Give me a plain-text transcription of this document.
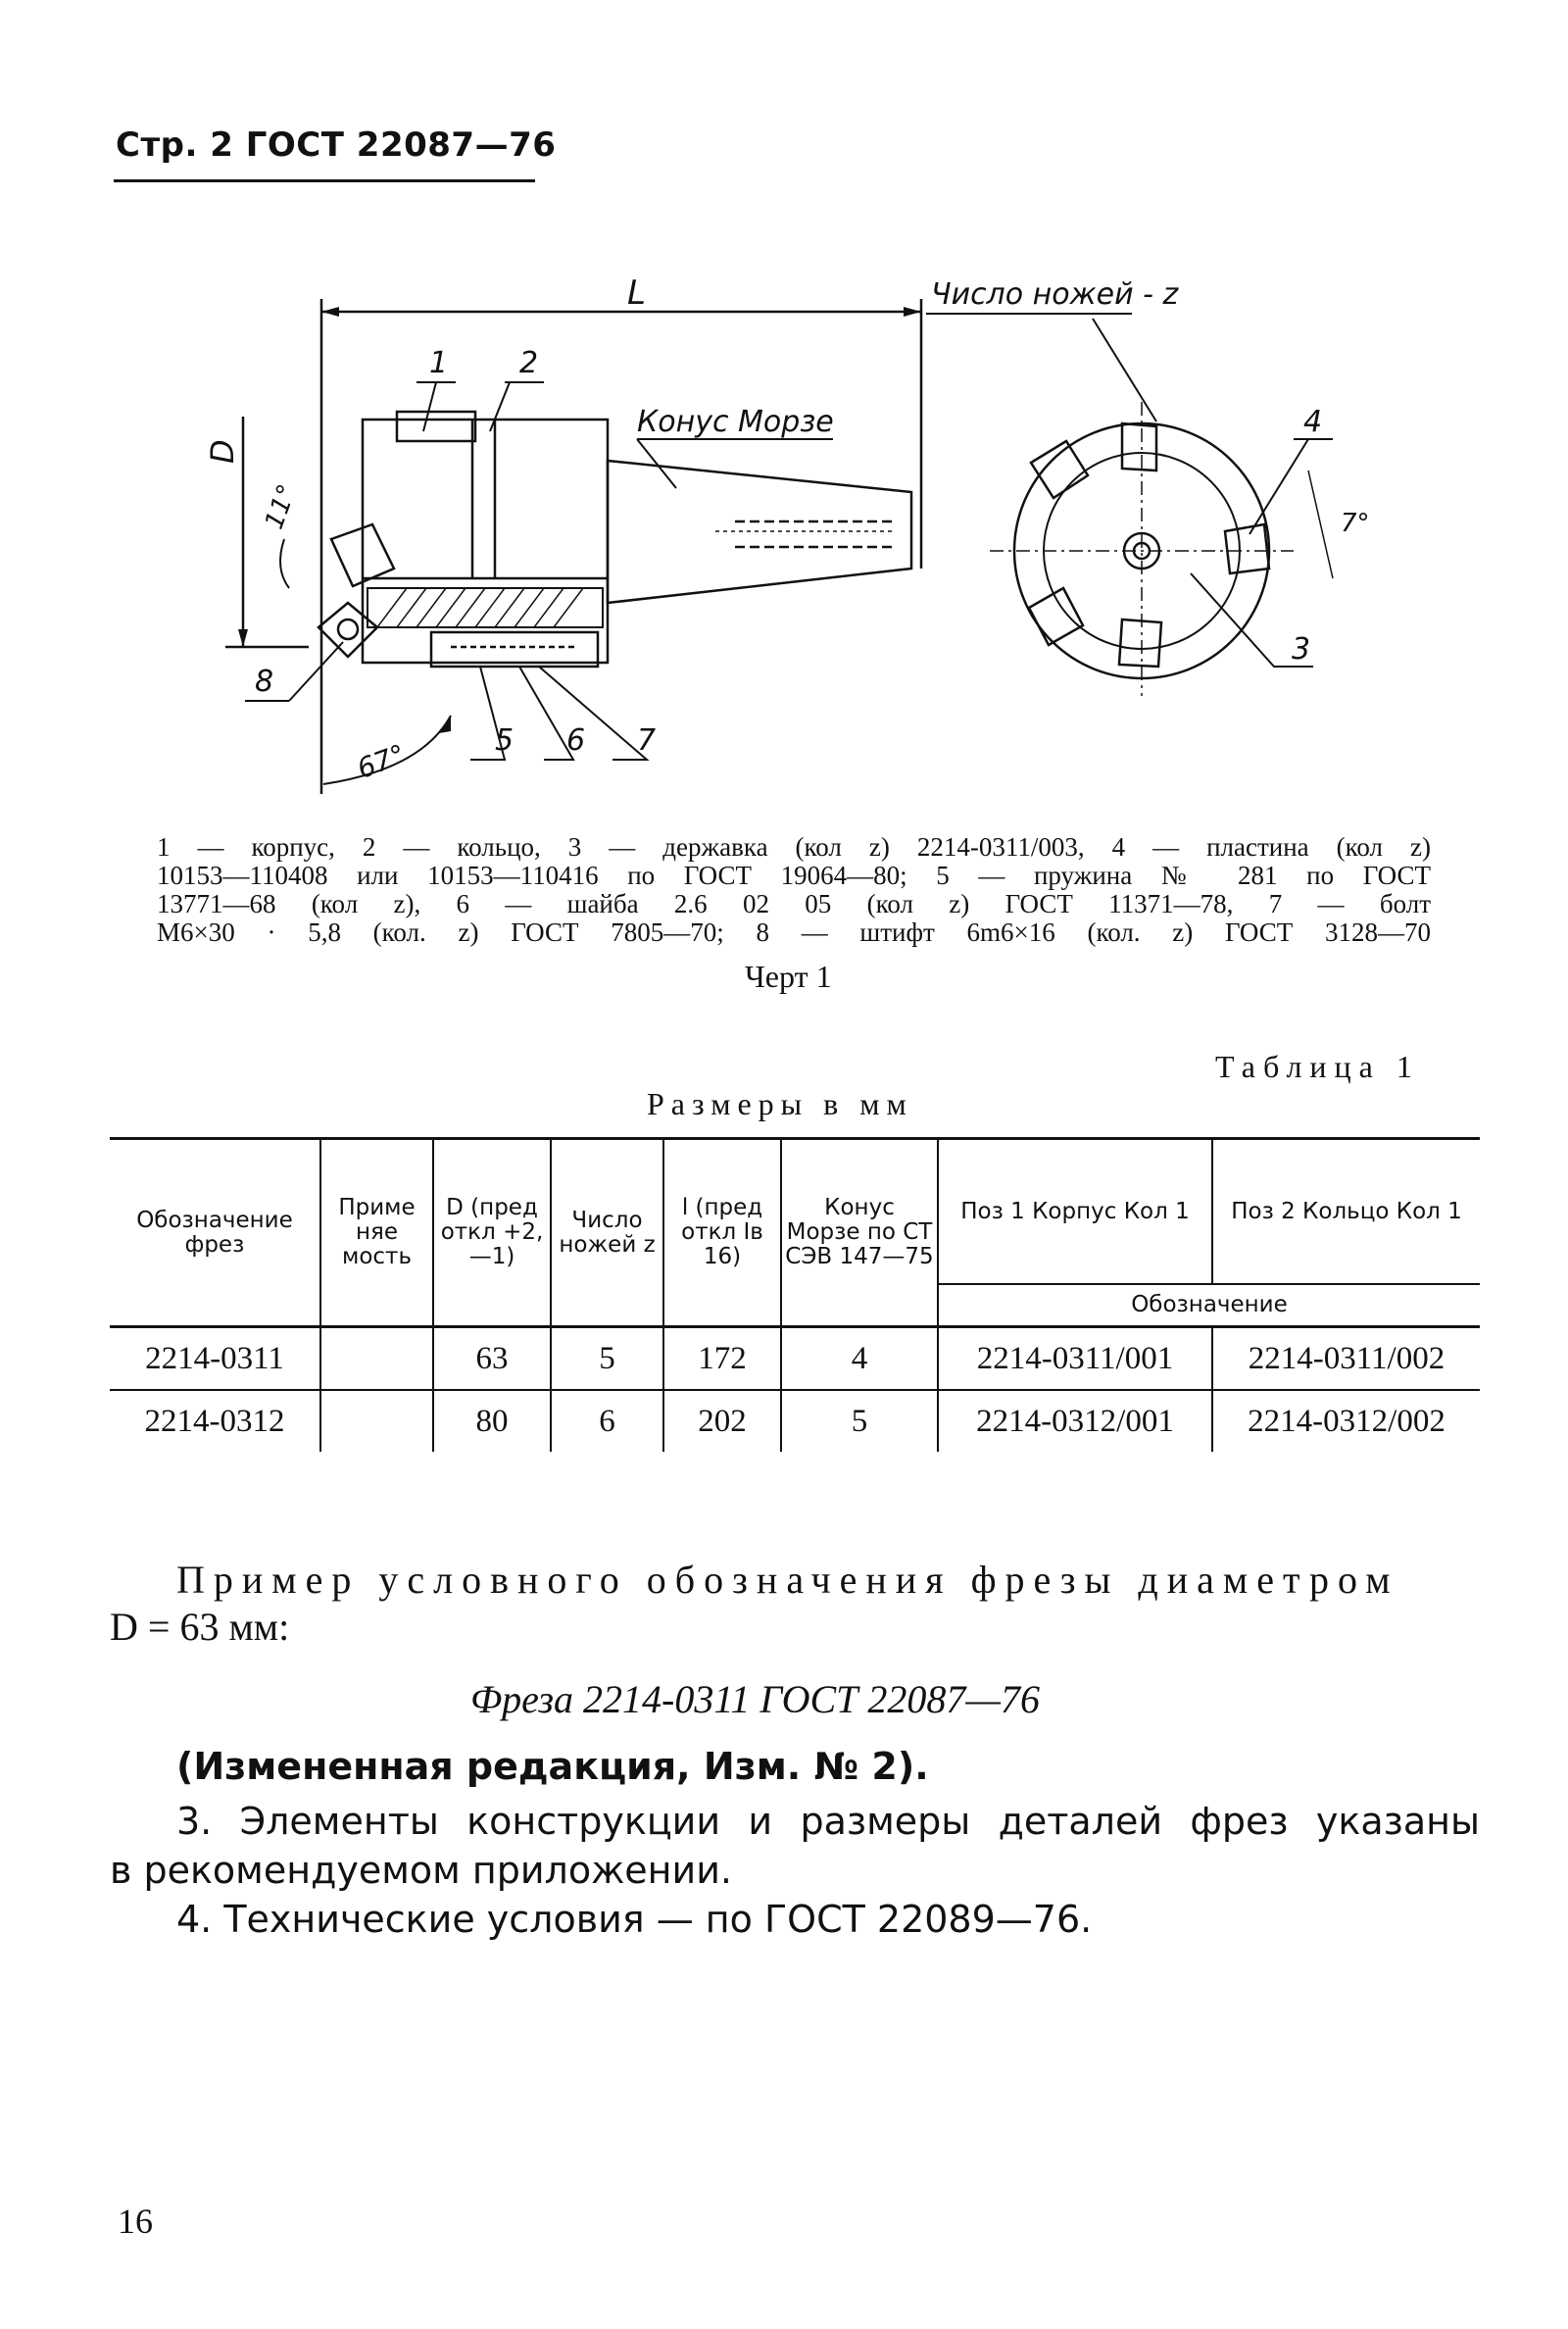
Стр. 2 ГОСТ 22087—76
L
D
Конус Морзе
1 2
11°
67°
8
5 6 7
Число ножей - z
4
7°
3

1 — корпус, 2 — кольцо, 3 — державка (кол z) 2214-0311/003, 4 — пластина (кол z)

10153—110408 или 10153—110416 по ГОСТ 19064—80; 5 — пружина № 281 по ГОСТ

13771—68 (кол z), 6 — шайба 2.6 02 05 (кол z) ГОСТ 11371—78, 7 — болт

M6×30 · 5,8 (кол. z) ГОСТ 7805—70; 8 — штифт 6m6×16 (кол. z) ГОСТ 3128—70

Черт 1
Таблица 1
Размеры в мм
Обозначение фрез	Приме няе мость	D (пред откл +2, —1)	Число ножей z	l (пред откл Iв 16)	Конус Морзе по СТ СЭВ 147—75	Поз 1 Корпус Кол 1	Поз 2 Кольцо Кол 1
						Обозначение	
2214-0311		63	5	172	4	2214-0311/001	2214-0311/002
2214-0312		80	6	202	5	2214-0312/001	2214-0312/002
Пример условного обозначения фрезы диаметром
D = 63 мм:
Фреза 2214-0311 ГОСТ 22087—76
(Измененная редакция, Изм. № 2).
3. Элементы конструкции и размеры деталей фрез указаны
в рекомендуемом приложении.
4. Технические условия — по ГОСТ 22089—76.
16
